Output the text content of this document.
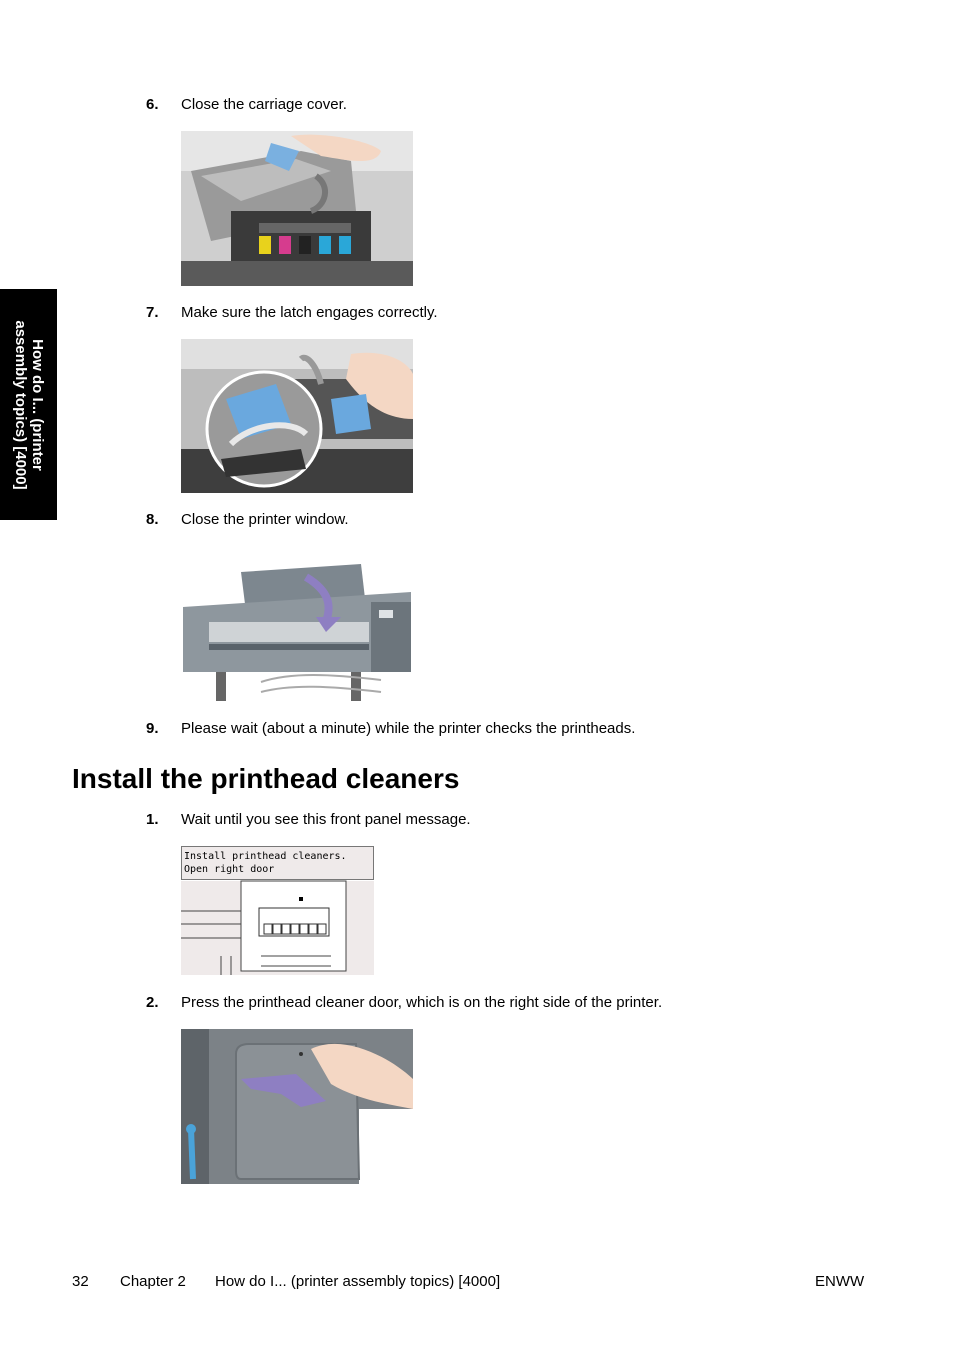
How do I... (printer
assembly topics) [4000]
6. Close the carriage cover.
7. Make sure the latch engages correctly.
8. Close the printer window.
9. Please wait (about a minute) while the printer checks the printheads.
Install the printhead cleaners
1. Wait until you see this front panel message.
Install printhead cleaners.
Open right door
2. Press the printhead cleaner door, which is on the right side of the printer.
32 Chapter 2 How do I... (printer assembly topics) [4000]	ENWW
